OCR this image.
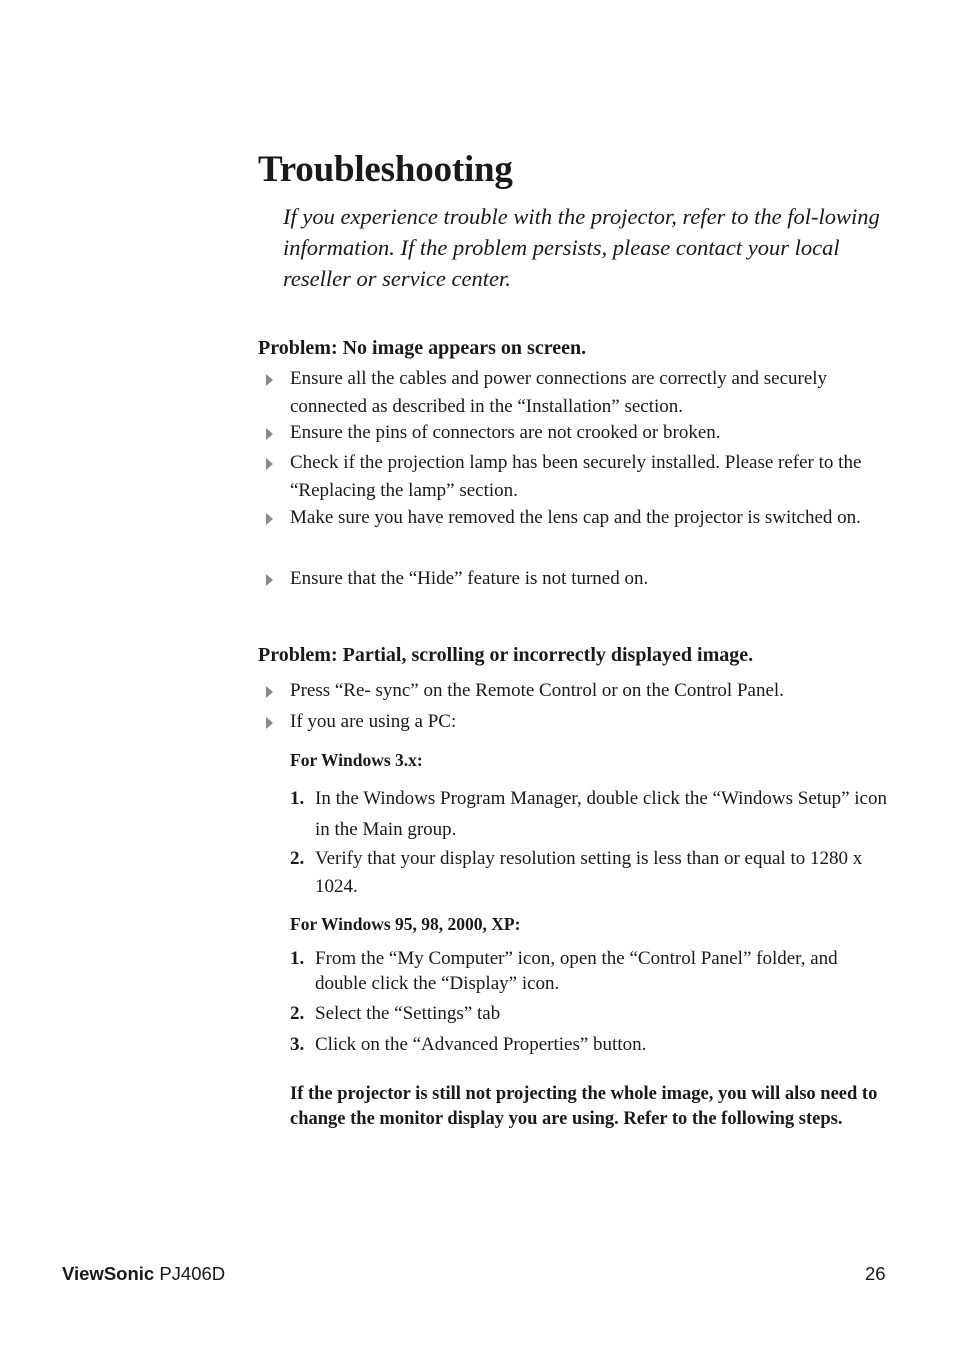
Troubleshooting

If you experience trouble with the projector, refer to the fol-lowing information. If the problem persists, please contact your local reseller or service center.

Problem: No image appears on screen.
Ensure all the cables and power connections are correctly and securely connected as described in the “Installation” section.
Ensure the pins of connectors are not crooked or broken.
Check if the projection lamp has been securely installed. Please refer to the “Replacing the lamp” section.
Make sure you have removed the lens cap and the projector is switched on.
Ensure that the “Hide” feature is not turned on.
Problem: Partial, scrolling or incorrectly displayed image.
Press “Re- sync” on the Remote Control or on the Control Panel.
If you are using a PC:
For Windows 3.x:
1. In the Windows Program Manager, double click the “Windows Setup” icon in the Main group.
2. Verify that your display resolution setting is less than or equal to 1280 x 1024.
For Windows 95, 98, 2000, XP:
1. From the “My Computer” icon, open the “Control Panel” folder, and double click the “Display” icon.
2. Select the “Settings” tab
3. Click on the “Advanced Properties” button.

If the projector is still not projecting the whole image, you will also need to change the monitor display you are using. Refer to the following steps.

ViewSonic PJ406D	26
